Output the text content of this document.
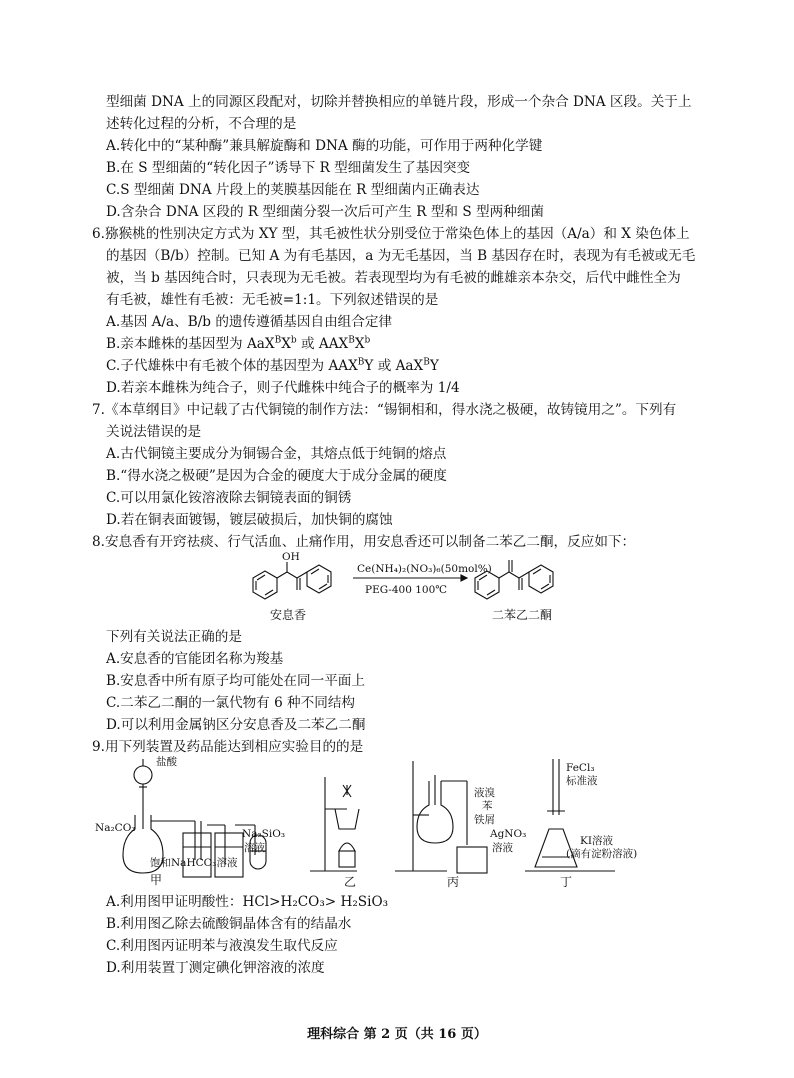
型细菌 DNA 上的同源区段配对，切除并替换相应的单链片段，形成一个杂合 DNA 区段。关于上
述转化过程的分析，不合理的是
A.转化中的“某种酶”兼具解旋酶和 DNA 酶的功能，可作用于两种化学键
B.在 S 型细菌的“转化因子”诱导下 R 型细菌发生了基因突变
C.S 型细菌 DNA 片段上的荚膜基因能在 R 型细菌内正确表达
D.含杂合 DNA 区段的 R 型细菌分裂一次后可产生 R 型和 S 型两种细菌
6.猕猴桃的性别决定方式为 XY 型，其毛被性状分别受位于常染色体上的基因（A/a）和 X 染色体上
的基因（B/b）控制。已知 A 为有毛基因，a 为无毛基因，当 B 基因存在时，表现为有毛被或无毛
被，当 b 基因纯合时，只表现为无毛被。若表现型均为有毛被的雌雄亲本杂交，后代中雌性全为
有毛被，雄性有毛被：无毛被=1:1。下列叙述错误的是
A.基因 A/a、B/b 的遗传遵循基因自由组合定律
B.亲本雌株的基因型为 $AaX^BX^b$ 或 $AAX^BX^b$
C.子代雄株中有毛被个体的基因型为 $AAX^BY$ 或 AaX$^B$Y
D.若亲本雌株为纯合子，则子代雌株中纯合子的概率为 1/4
7.《本草纲目》中记载了古代铜镜的制作方法：“锡铜相和，得水浇之极硬，故铸镜用之”。下列有
关说法错误的是
A.古代铜镜主要成分为铜锡合金，其熔点低于纯铜的熔点
B.“得水浇之极硬”是因为合金的硬度大于成分金属的硬度
C.可以用氯化铵溶液除去铜镜表面的铜锈
D.若在铜表面镀锡，镀层破损后，加快铜的腐蚀
8.安息香有开窍祛痰、行气活血、止痛作用，用安息香还可以制备二苯乙二酮，反应如下：
OH
Ce(NH₄)₂(NO₃)₆(50mol%)
PEG-400 100℃
安息香	二苯乙二酮
下列有关说法正确的是
A.安息香的官能团名称为羧基
B.安息香中所有原子均可能处在同一平面上
C.二苯乙二酮的一氯代物有 6 种不同结构
D.可以利用金属钠区分安息香及二苯乙二酮
9.用下列装置及药品能达到相应实验目的的是
盐酸
Na₂CO₃
饱和NaHCO₃溶液
Na₂SiO₃
溶液
液溴
苯
铁屑
AgNO₃
溶液
FeCl₃
标准液
KI溶液
(滴有淀粉溶液)
甲	乙	丙	丁
A.利用图甲证明酸性：HCl>H₂CO₃> H₂SiO₃
B.利用图乙除去硫酸铜晶体含有的结晶水
C.利用图丙证明苯与液溴发生取代反应
D.利用装置丁测定碘化钾溶液的浓度
理科综合 第 2 页（共 16 页）
